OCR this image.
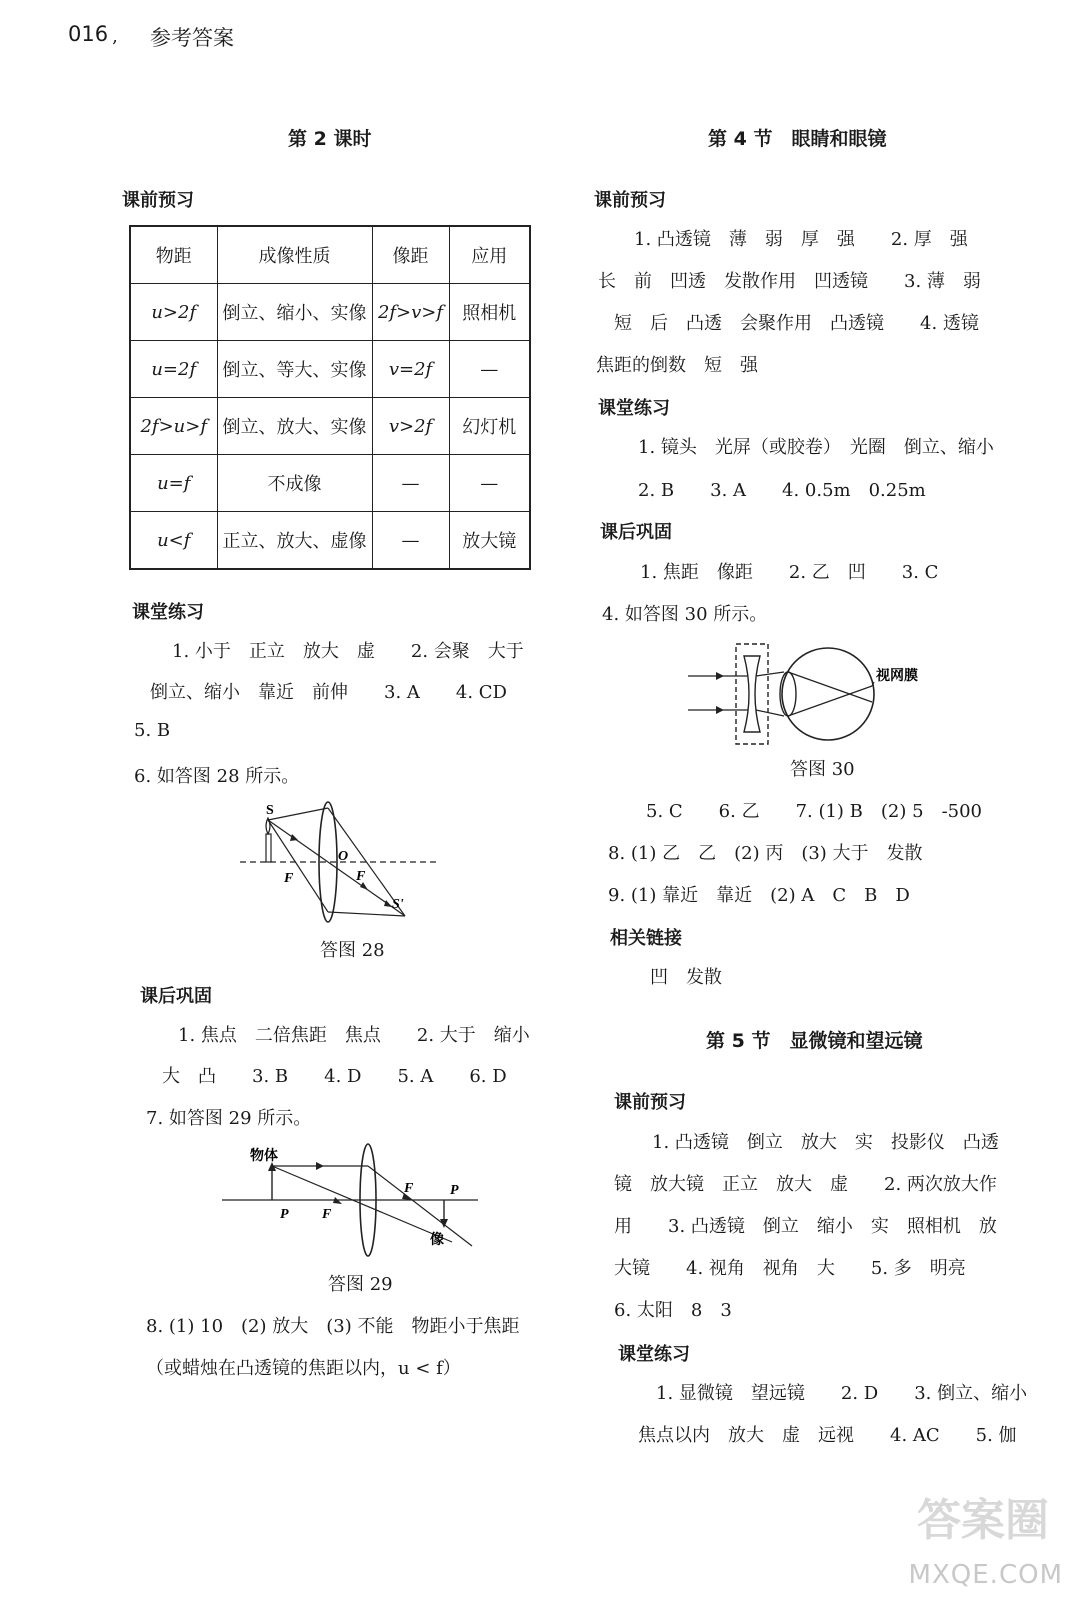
016 ‚ 参考答案
第 2 课时
课前预习
物距	成像性质	像距	应用
u>2f	倒立、缩小、实像	2f>v>f	照相机
u=2f	倒立、等大、实像	v=2f	—
2f>u>f	倒立、放大、实像	v>2f	幻灯机
u=f	不成像	—	—
u<f	正立、放大、虚像	—	放大镜
课堂练习
1. 小于　正立　放大　虚　　2. 会聚　大于
倒立、缩小　靠近　前伸　　3. A　　4. CD
5. B
6. 如答图 28 所示。
S
O
F	F
S'
答图 28
课后巩固
1. 焦点　二倍焦距　焦点　　2. 大于　缩小
大　凸　　3. B　　4. D　　5. A　　6. D
7. 如答图 29 所示。
物体
P F
F	P
像
答图 29
8. (1) 10　(2) 放大　(3) 不能　物距小于焦距
（或蜡烛在凸透镜的焦距以内，u < f）
第 4 节　眼睛和眼镜
课前预习
1. 凸透镜　薄　弱　厚　强　　2. 厚　强
长　前　凹透　发散作用　凹透镜　　3. 薄　弱
短　后　凸透　会聚作用　凸透镜　　4. 透镜
焦距的倒数　短　强
课堂练习
1. 镜头　光屏（或胶卷）　光圈　倒立、缩小
2. B　　3. A　　4. 0.5m　0.25m
课后巩固
1. 焦距　像距　　2. 乙　凹　　3. C
4. 如答图 30 所示。
视网膜
答图 30
5. C　　6. 乙　　7. (1) B　(2) 5　-500
8. (1) 乙　乙　(2) 丙　(3) 大于　发散
9. (1) 靠近　靠近　(2) A　C　B　D
相关链接
凹　发散
第 5 节　显微镜和望远镜
课前预习
1. 凸透镜　倒立　放大　实　投影仪　凸透
镜　放大镜　正立　放大　虚　　2. 两次放大作
用　　3. 凸透镜　倒立　缩小　实　照相机　放
大镜　　4. 视角　视角　大　　5. 多　明亮
6. 太阳　8　3
课堂练习
1. 显微镜　望远镜　　2. D　　3. 倒立、缩小
焦点以内　放大　虚　远视　　4. AC　　5. 伽
答案圈
MXQE.COM
